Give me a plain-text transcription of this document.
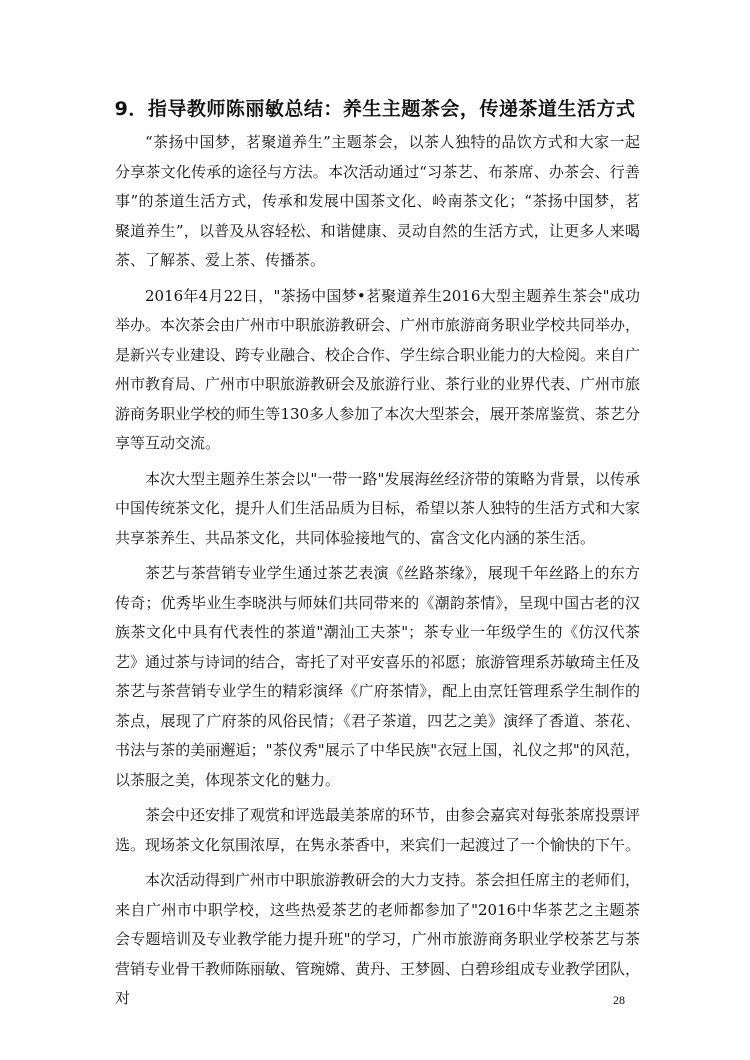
9．指导教师陈丽敏总结：养生主题茶会，传递茶道生活方式

“茶扬中国梦，茗聚道养生”主题茶会，以茶人独特的品饮方式和大家一起分享茶文化传承的途径与方法。本次活动通过“习茶艺、布茶席、办茶会、行善事”的茶道生活方式，传承和发展中国茶文化、岭南茶文化；“茶扬中国梦，茗聚道养生”，以普及从容轻松、和谐健康、灵动自然的生活方式，让更多人来喝茶、了解茶、爱上茶、传播茶。

2016年4月22日，"茶扬中国梦•茗聚道养生2016大型主题养生茶会"成功举办。本次茶会由广州市中职旅游教研会、广州市旅游商务职业学校共同举办，是新兴专业建设、跨专业融合、校企合作、学生综合职业能力的大检阅。来自广州市教育局、广州市中职旅游教研会及旅游行业、茶行业的业界代表、广州市旅游商务职业学校的师生等130多人参加了本次大型茶会，展开茶席鉴赏、茶艺分享等互动交流。

本次大型主题养生茶会以"一带一路"发展海丝经济带的策略为背景，以传承中国传统茶文化，提升人们生活品质为目标，希望以茶人独特的生活方式和大家共享茶养生、共品茶文化，共同体验接地气的、富含文化内涵的茶生活。

茶艺与茶营销专业学生通过茶艺表演《丝路茶缘》，展现千年丝路上的东方传奇；优秀毕业生李晓洪与师妹们共同带来的《潮韵茶情》，呈现中国古老的汉族茶文化中具有代表性的茶道"潮汕工夫茶"；茶专业一年级学生的《仿汉代茶艺》通过茶与诗词的结合，寄托了对平安喜乐的祁愿；旅游管理系苏敏琦主任及茶艺与茶营销专业学生的精彩演绎《广府茶情》，配上由烹饪管理系学生制作的茶点，展现了广府茶的风俗民情；《君子茶道，四艺之美》演绎了香道、茶花、书法与茶的美丽邂逅；"茶仪秀"展示了中华民族"衣冠上国，礼仪之邦"的风范，以茶服之美，体现茶文化的魅力。

茶会中还安排了观赏和评选最美茶席的环节，由参会嘉宾对每张茶席投票评选。现场茶文化氛围浓厚，在隽永茶香中，来宾们一起渡过了一个愉快的下午。

本次活动得到广州市中职旅游教研会的大力支持。茶会担任席主的老师们，来自广州市中职学校，这些热爱茶艺的老师都参加了"2016中华茶艺之主题茶会专题培训及专业教学能力提升班"的学习，广州市旅游商务职业学校茶艺与茶营销专业骨干教师陈丽敏、管琬嫦、黄丹、王梦圆、白碧珍组成专业教学团队，对	28
